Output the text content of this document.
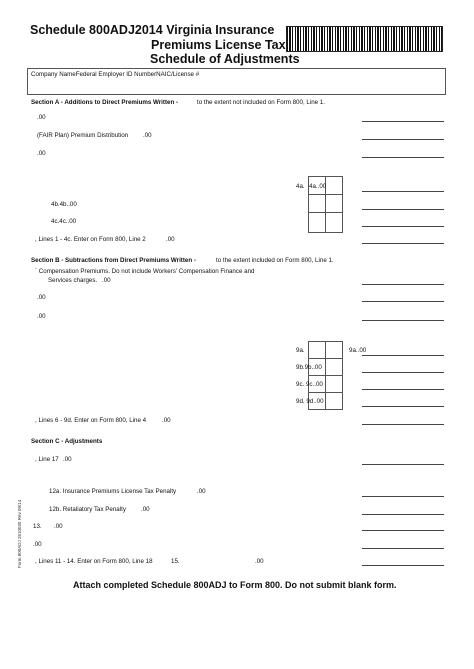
Schedule 800ADJ2014 Virginia Insurance
Premiums License Tax
Schedule of Adjustments
Company NameFederal Employer ID NumberNAIC/License #
Section A - Additions to Direct Premiums Written -	to the extent not included on Form 800, Line 1.
.00
(FAIR Plan) Premium Distribution .00
.00
4a. 4a..00
4b.4b..00
4c.4c..00
, Lines 1 - 4c. Enter on Form 800, Line 2	.00
Section B - Subtractions from Direct Premiums Written -	to the extent included on Form 800, Line 1.
` Compensation Premiums. Do not include Workers' Compensation Finance and
Services charges. .00
.00
.00
9a.	9a..00
9b.9b..00
9c. 9c..00
9d. 9d..00
, Lines 6 - 9d. Enter on Form 800, Line 4	.00
Section C - Adjustments
, Line 17 .00
12a. Insurance Premiums License Tax Penalty	.00
12b. Retaliatory Tax Penalty .00
13. .00
.00
, Lines 11 - 14. Enter on Form 800, Line 18	15.	.00
Attach completed Schedule 800ADJ to Form 800. Do not submit blank form.
Form 800ADJ 2610035 Rev 09/14
